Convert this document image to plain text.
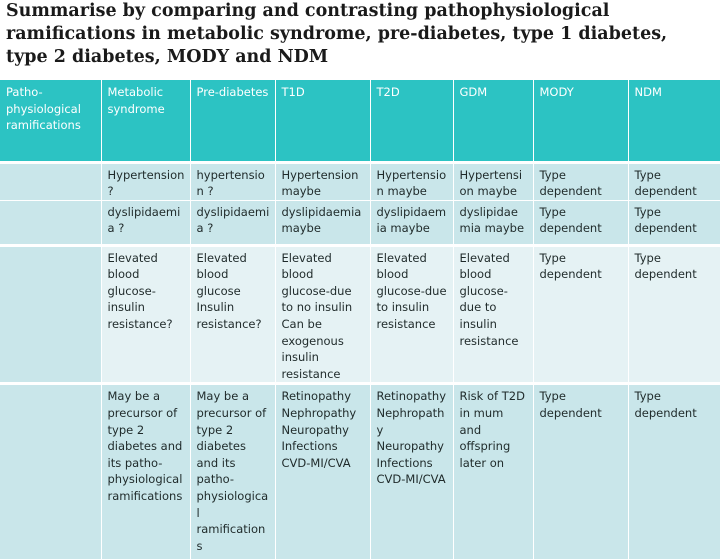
Summarise by comparing and contrasting pathophysiological ramifications in metabolic syndrome, pre-diabetes, type 1 diabetes, type 2 diabetes, MODY and NDM
Patho-physiological ramifications	Metabolic syndrome	Pre-diabetes	T1D	T2D	GDM	MODY	NDM
	Hypertension?	hypertension ?	Hypertension maybe	Hypertension maybe	Hypertension maybe	Type dependent	Type dependent
	dyslipidaemia ?	dyslipidaemia ?	dyslipidaemia maybe	dyslipidaemia maybe	dyslipidaemia maybe	Type dependent	Type dependent
	Elevated blood glucose-insulin resistance?	Elevated blood glucose Insulin resistance?	Elevated blood glucose-due to no insulin Can be exogenous insulin resistance	Elevated blood glucose-due to insulin resistance	Elevated blood glucose-due to insulin resistance	Type dependent	Type dependent
	May be a precursor of type 2 diabetes and its patho-physiological ramifications	May be a precursor of type 2 diabetes and its patho-physiological ramifications	Retinopathy Nephropathy Neuropathy Infections CVD-MI/CVA	Retinopathy Nephropathy Neuropathy Infections CVD-MI/CVA	Risk of T2D in mum and offspring later on	Type dependent	Type dependent
